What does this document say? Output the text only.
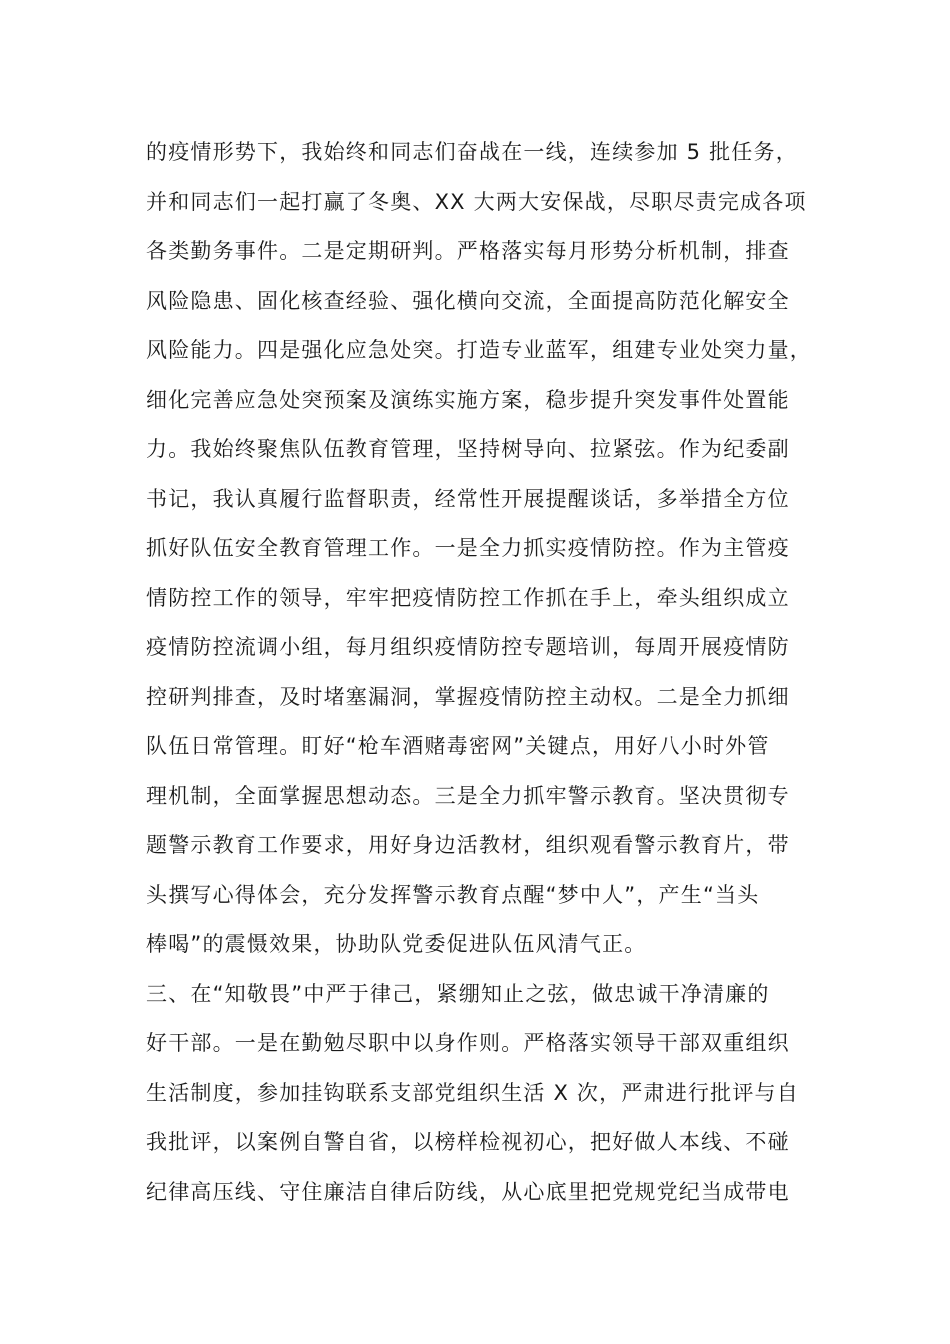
的疫情形势下，我始终和同志们奋战在一线，连续参加 5 批任务，
并和同志们一起打赢了冬奥、XX 大两大安保战，尽职尽责完成各项
各类勤务事件。二是定期研判。严格落实每月形势分析机制，排查
风险隐患、固化核查经验、强化横向交流，全面提高防范化解安全
风险能力。四是强化应急处突。打造专业蓝军，组建专业处突力量，
细化完善应急处突预案及演练实施方案，稳步提升突发事件处置能
力。我始终聚焦队伍教育管理，坚持树导向、拉紧弦。作为纪委副
书记，我认真履行监督职责，经常性开展提醒谈话，多举措全方位
抓好队伍安全教育管理工作。一是全力抓实疫情防控。作为主管疫
情防控工作的领导，牢牢把疫情防控工作抓在手上，牵头组织成立
疫情防控流调小组，每月组织疫情防控专题培训，每周开展疫情防
控研判排查，及时堵塞漏洞，掌握疫情防控主动权。二是全力抓细
队伍日常管理。盯好“枪车酒赌毒密网”关键点，用好八小时外管
理机制，全面掌握思想动态。三是全力抓牢警示教育。坚决贯彻专
题警示教育工作要求，用好身边活教材，组织观看警示教育片，带
头撰写心得体会，充分发挥警示教育点醒“梦中人”，产生“当头
棒喝”的震慑效果，协助队党委促进队伍风清气正。
三、在“知敬畏”中严于律己，紧绷知止之弦，做忠诚干净清廉的
好干部。一是在勤勉尽职中以身作则。严格落实领导干部双重组织
生活制度，参加挂钩联系支部党组织生活 X 次，严肃进行批评与自
我批评，以案例自警自省，以榜样检视初心，把好做人本线、不碰
纪律高压线、守住廉洁自律后防线，从心底里把党规党纪当成带电
